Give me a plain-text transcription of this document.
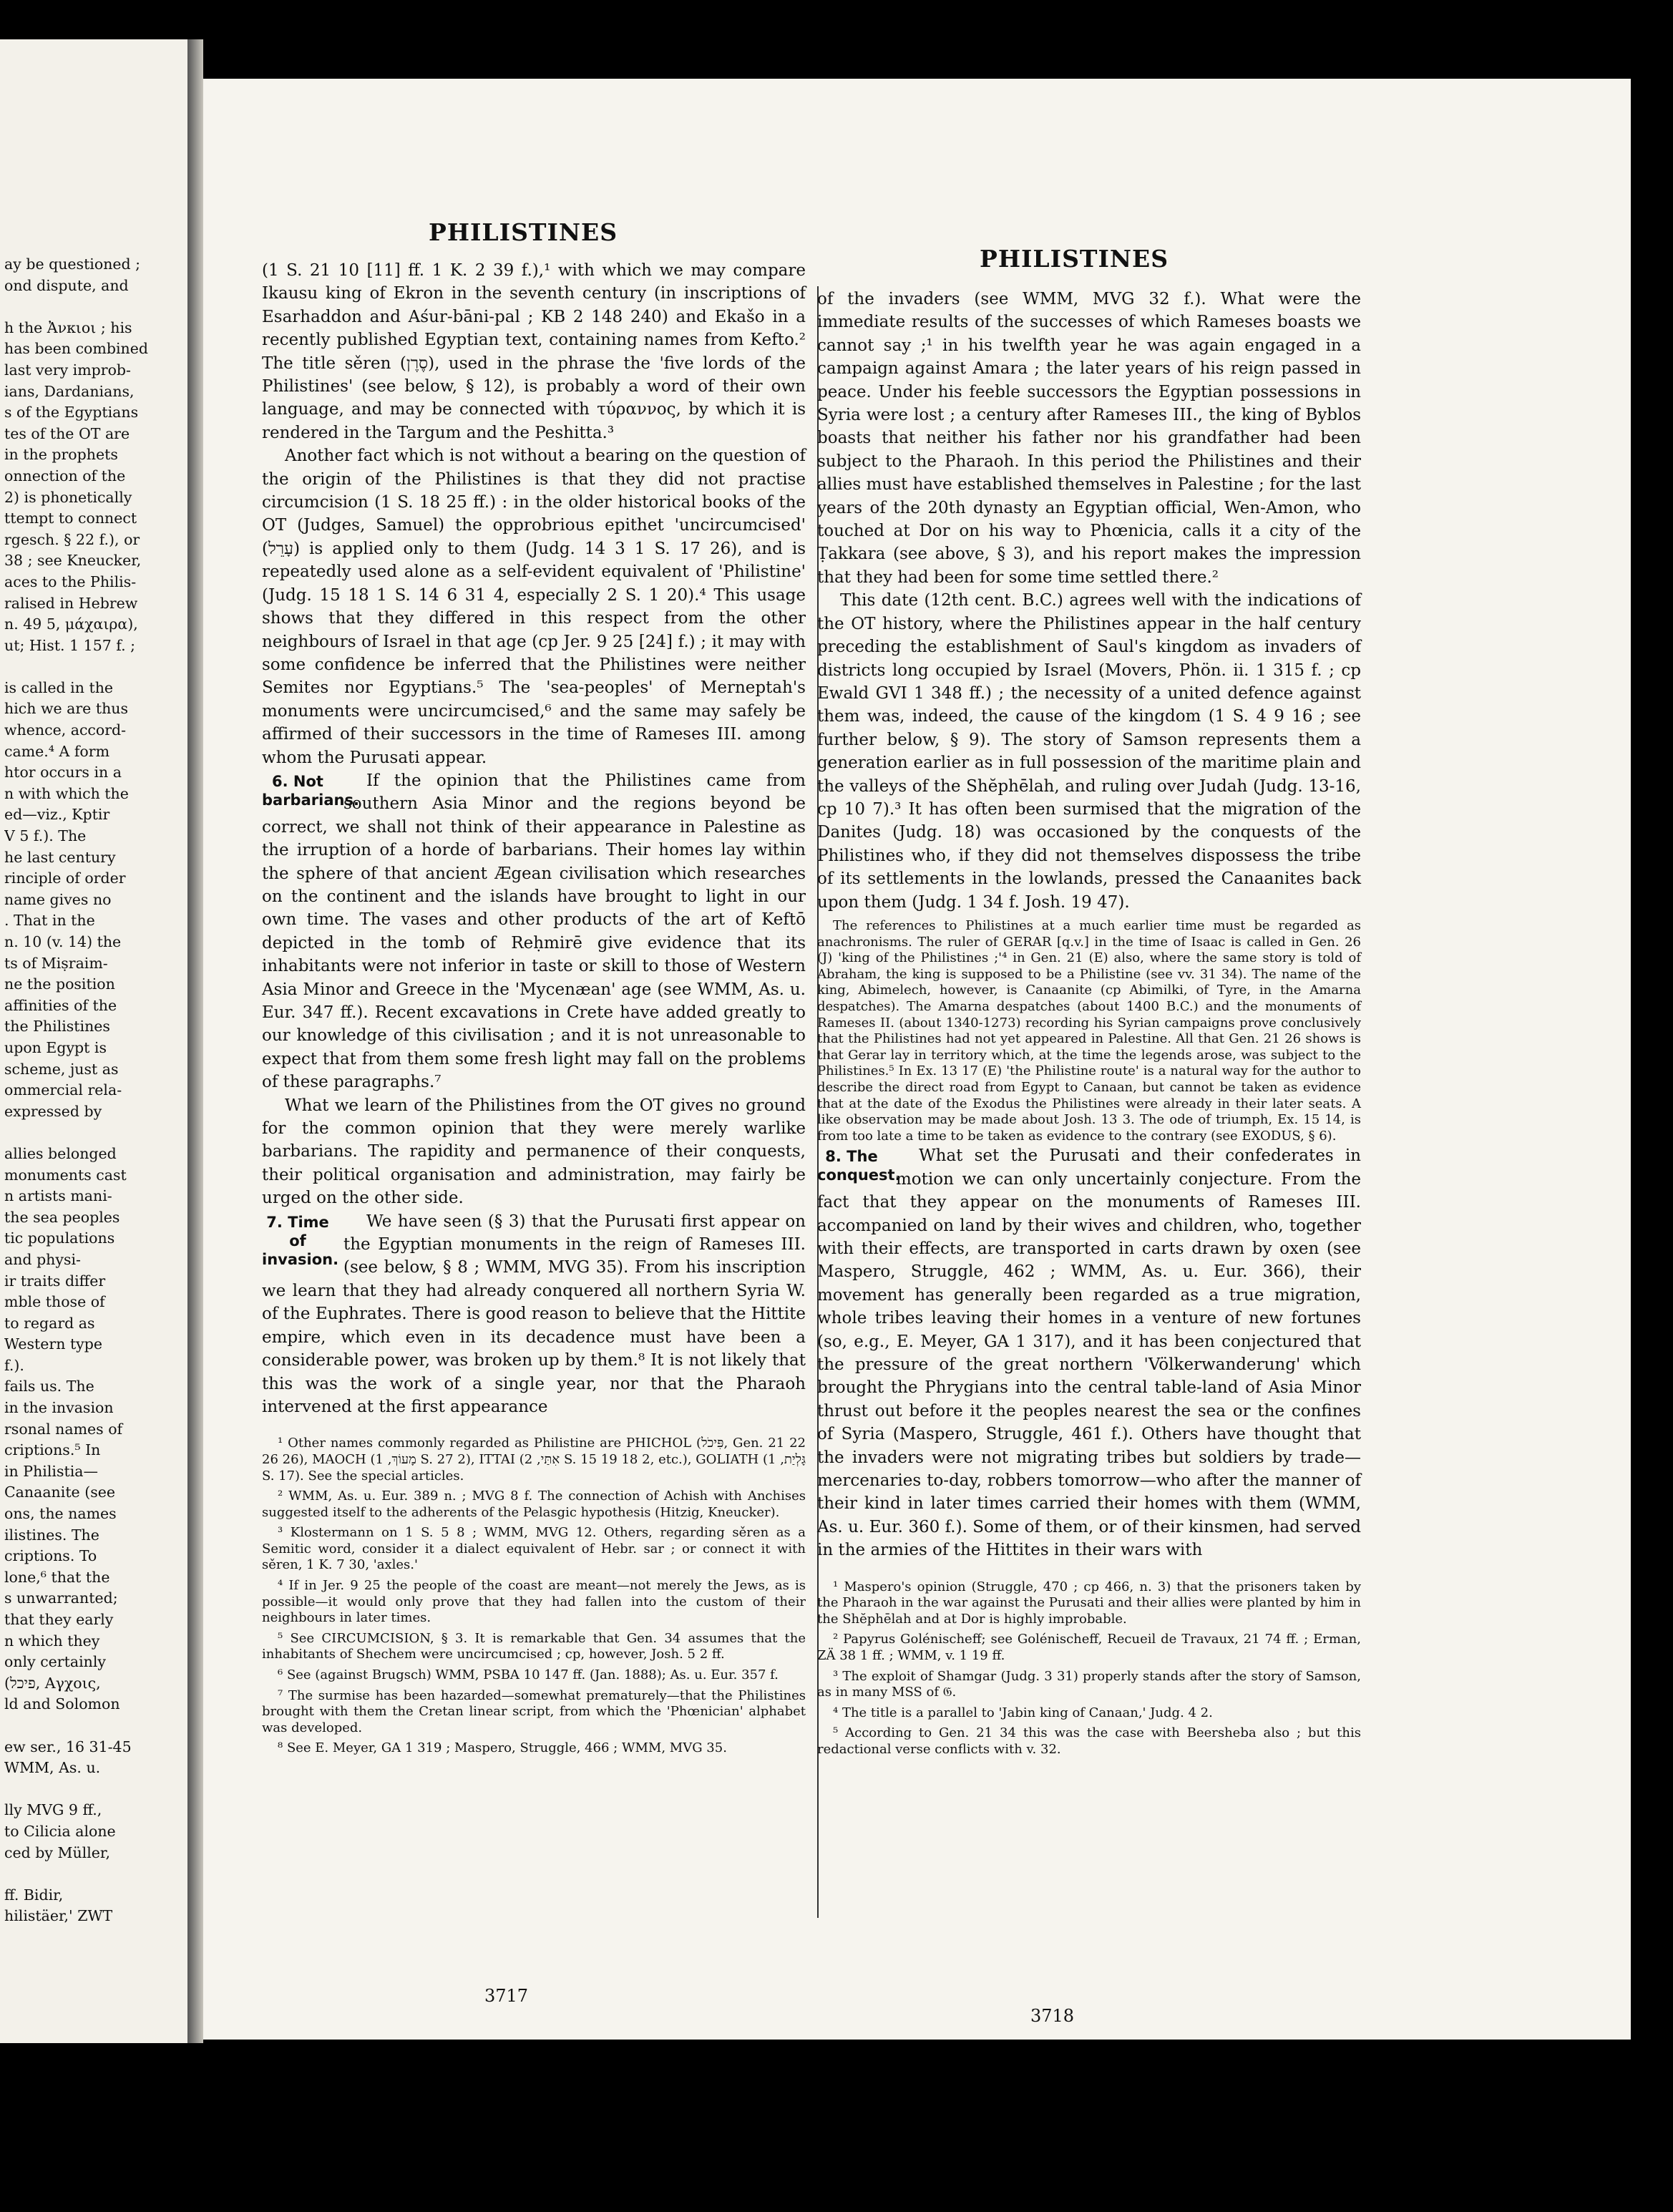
ay be questioned ;
ond dispute, and
h the Ἀνκιοι ; his
has been combined
last very improb-
ians, Dardanians,
s of the Egyptians
tes of the OT are
in the prophets
onnection of the
2) is phonetically
ttempt to connect
rgesch. § 22 f.), or
38 ; see Kneucker,
aces to the Philis-
ralised in Hebrew
n. 49 5, μάχαιρα),
ut; Hist. 1 157 f. ;
is called in the
hich we are thus
whence, accord-
came.⁴ A form
htor occurs in a
n with which the
ed—viz., Kptir
V 5 f.). The
he last century
rinciple of order
name gives no
. That in the
n. 10 (v. 14) the
ts of Miṣraim-
ne the position
affinities of the
the Philistines
upon Egypt is
scheme, just as
ommercial rela-
expressed by
allies belonged
monuments cast
n artists mani-
the sea peoples
tic populations
and physi-
ir traits differ
mble those of
to regard as
Western type
f.).
fails us. The
in the invasion
rsonal names of
criptions.⁵ In
in Philistia—
Canaanite (see
ons, the names
ilistines. The
criptions. To
lone,⁶ that the
s unwarranted;
that they early
n which they
only certainly
(פיכל, Αγχοις,
ld and Solomon
ew ser., 16 31-45
WMM, As. u.
lly MVG 9 ff.,
to Cilicia alone
ced by Müller,
ff. Bidir,
hilistäer,' ZWT
PHILISTINES
PHILISTINES

(1 S. 21 10 [11] ff. 1 K. 2 39 f.),¹ with which we may compare Ikausu king of Ekron in the seventh century (in inscriptions of Esarhaddon and Aśur-bāni-pal ; KB 2 148 240) and Ekašo in a recently published Egyptian text, containing names from Kefto.² The title sěren (סֶרֶן), used in the phrase the 'five lords of the Philistines' (see below, § 12), is probably a word of their own language, and may be connected with τύραννος, by which it is rendered in the Targum and the Peshitta.³

Another fact which is not without a bearing on the question of the origin of the Philistines is that they did not practise circumcision (1 S. 18 25 ff.) : in the older historical books of the OT (Judges, Samuel) the opprobrious epithet 'uncircumcised' (עָרֵל) is applied only to them (Judg. 14 3 1 S. 17 26), and is repeatedly used alone as a self-evident equivalent of 'Philistine' (Judg. 15 18 1 S. 14 6 31 4, especially 2 S. 1 20).⁴ This usage shows that they differed in this respect from the other neighbours of Israel in that age (cp Jer. 9 25 [24] f.) ; it may with some confidence be inferred that the Philistines were neither Semites nor Egyptians.⁵ The 'sea-peoples' of Merneptah's monuments were uncircumcised,⁶ and the same may safely be affirmed of their successors in the time of Rameses III. among whom the Purusati appear.

6. Not barbarians.
If the opinion that the Philistines came from southern Asia Minor and the regions beyond be correct, we shall not think of their appearance in Palestine as the irruption of a horde of barbarians. Their homes lay within the sphere of that ancient Ægean civilisation which researches on the continent and the islands have brought to light in our own time. The vases and other products of the art of Keftō depicted in the tomb of Reḥmirē give evidence that its inhabitants were not inferior in taste or skill to those of Western Asia Minor and Greece in the 'Mycenæan' age (see WMM, As. u. Eur. 347 ff.). Recent excavations in Crete have added greatly to our knowledge of this civilisation ; and it is not unreasonable to expect that from them some fresh light may fall on the problems of these paragraphs.⁷

What we learn of the Philistines from the OT gives no ground for the common opinion that they were merely warlike barbarians. The rapidity and permanence of their conquests, their political organisation and administration, may fairly be urged on the other side.

7. Time of invasion.
We have seen (§ 3) that the Purusati first appear on the Egyptian monuments in the reign of Rameses III. (see below, § 8 ; WMM, MVG 35). From his inscription we learn that they had already conquered all northern Syria W. of the Euphrates. There is good reason to believe that the Hittite empire, which even in its decadence must have been a considerable power, was broken up by them.⁸ It is not likely that this was the work of a single year, nor that the Pharaoh intervened at the first appearance

¹ Other names commonly regarded as Philistine are PHICHOL (פִּיכֹל, Gen. 21 22 26 26), MAOCH (מָעוֹךְ, 1 S. 27 2), ITTAI (אִתַּי, 2 S. 15 19 18 2, etc.), GOLIATH (גָּלְיַת, 1 S. 17). See the special articles.

² WMM, As. u. Eur. 389 n. ; MVG 8 f. The connection of Achish with Anchises suggested itself to the adherents of the Pelasgic hypothesis (Hitzig, Kneucker).

³ Klostermann on 1 S. 5 8 ; WMM, MVG 12. Others, regarding sěren as a Semitic word, consider it a dialect equivalent of Hebr. sar ; or connect it with sěren, 1 K. 7 30, 'axles.'

⁴ If in Jer. 9 25 the people of the coast are meant—not merely the Jews, as is possible—it would only prove that they had fallen into the custom of their neighbours in later times.

⁵ See CIRCUMCISION, § 3. It is remarkable that Gen. 34 assumes that the inhabitants of Shechem were uncircumcised ; cp, however, Josh. 5 2 ff.

⁶ See (against Brugsch) WMM, PSBA 10 147 ff. (Jan. 1888); As. u. Eur. 357 f.

⁷ The surmise has been hazarded—somewhat prematurely—that the Philistines brought with them the Cretan linear script, from which the 'Phœnician' alphabet was developed.

⁸ See E. Meyer, GA 1 319 ; Maspero, Struggle, 466 ; WMM, MVG 35.

of the invaders (see WMM, MVG 32 f.). What were the immediate results of the successes of which Rameses boasts we cannot say ;¹ in his twelfth year he was again engaged in a campaign against Amara ; the later years of his reign passed in peace. Under his feeble successors the Egyptian possessions in Syria were lost ; a century after Rameses III., the king of Byblos boasts that neither his father nor his grandfather had been subject to the Pharaoh. In this period the Philistines and their allies must have established themselves in Palestine ; for the last years of the 20th dynasty an Egyptian official, Wen-Amon, who touched at Dor on his way to Phœnicia, calls it a city of the Ṭakkara (see above, § 3), and his report makes the impression that they had been for some time settled there.²

This date (12th cent. B.C.) agrees well with the indications of the OT history, where the Philistines appear in the half century preceding the establishment of Saul's kingdom as invaders of districts long occupied by Israel (Movers, Phön. ii. 1 315 f. ; cp Ewald GVI 1 348 ff.) ; the necessity of a united defence against them was, indeed, the cause of the kingdom (1 S. 4 9 16 ; see further below, § 9). The story of Samson represents them a generation earlier as in full possession of the maritime plain and the valleys of the Shĕphēlah, and ruling over Judah (Judg. 13-16, cp 10 7).³ It has often been surmised that the migration of the Danites (Judg. 18) was occasioned by the conquests of the Philistines who, if they did not themselves dispossess the tribe of its settlements in the lowlands, pressed the Canaanites back upon them (Judg. 1 34 f. Josh. 19 47).

The references to Philistines at a much earlier time must be regarded as anachronisms. The ruler of GERAR [q.v.] in the time of Isaac is called in Gen. 26 (J) 'king of the Philistines ;'⁴ in Gen. 21 (E) also, where the same story is told of Abraham, the king is supposed to be a Philistine (see vv. 31 34). The name of the king, Abimelech, however, is Canaanite (cp Abimilki, of Tyre, in the Amarna despatches). The Amarna despatches (about 1400 B.C.) and the monuments of Rameses II. (about 1340-1273) recording his Syrian campaigns prove conclusively that the Philistines had not yet appeared in Palestine. All that Gen. 21 26 shows is that Gerar lay in territory which, at the time the legends arose, was subject to the Philistines.⁵ In Ex. 13 17 (E) 'the Philistine route' is a natural way for the author to describe the direct road from Egypt to Canaan, but cannot be taken as evidence that at the date of the Exodus the Philistines were already in their later seats. A like observation may be made about Josh. 13 3. The ode of triumph, Ex. 15 14, is from too late a time to be taken as evidence to the contrary (see EXODUS, § 6).

8. The conquest.
What set the Purusati and their confederates in motion we can only uncertainly conjecture. From the fact that they appear on the monuments of Rameses III. accompanied on land by their wives and children, who, together with their effects, are transported in carts drawn by oxen (see Maspero, Struggle, 462 ; WMM, As. u. Eur. 366), their movement has generally been regarded as a true migration, whole tribes leaving their homes in a venture of new fortunes (so, e.g., E. Meyer, GA 1 317), and it has been conjectured that the pressure of the great northern 'Völkerwanderung' which brought the Phrygians into the central table-land of Asia Minor thrust out before it the peoples nearest the sea or the confines of Syria (Maspero, Struggle, 461 f.). Others have thought that the invaders were not migrating tribes but soldiers by trade—mercenaries to-day, robbers tomorrow—who after the manner of their kind in later times carried their homes with them (WMM, As. u. Eur. 360 f.). Some of them, or of their kinsmen, had served in the armies of the Hittites in their wars with

¹ Maspero's opinion (Struggle, 470 ; cp 466, n. 3) that the prisoners taken by the Pharaoh in the war against the Purusati and their allies were planted by him in the Shĕphēlah and at Dor is highly improbable.

² Papyrus Golénischeff; see Golénischeff, Recueil de Travaux, 21 74 ff. ; Erman, ZÄ 38 1 ff. ; WMM, v. 1 19 ff.

³ The exploit of Shamgar (Judg. 3 31) properly stands after the story of Samson, as in many MSS of 𝔊.

⁴ The title is a parallel to 'Jabin king of Canaan,' Judg. 4 2.

⁵ According to Gen. 21 34 this was the case with Beersheba also ; but this redactional verse conflicts with v. 32.

3717
3718
